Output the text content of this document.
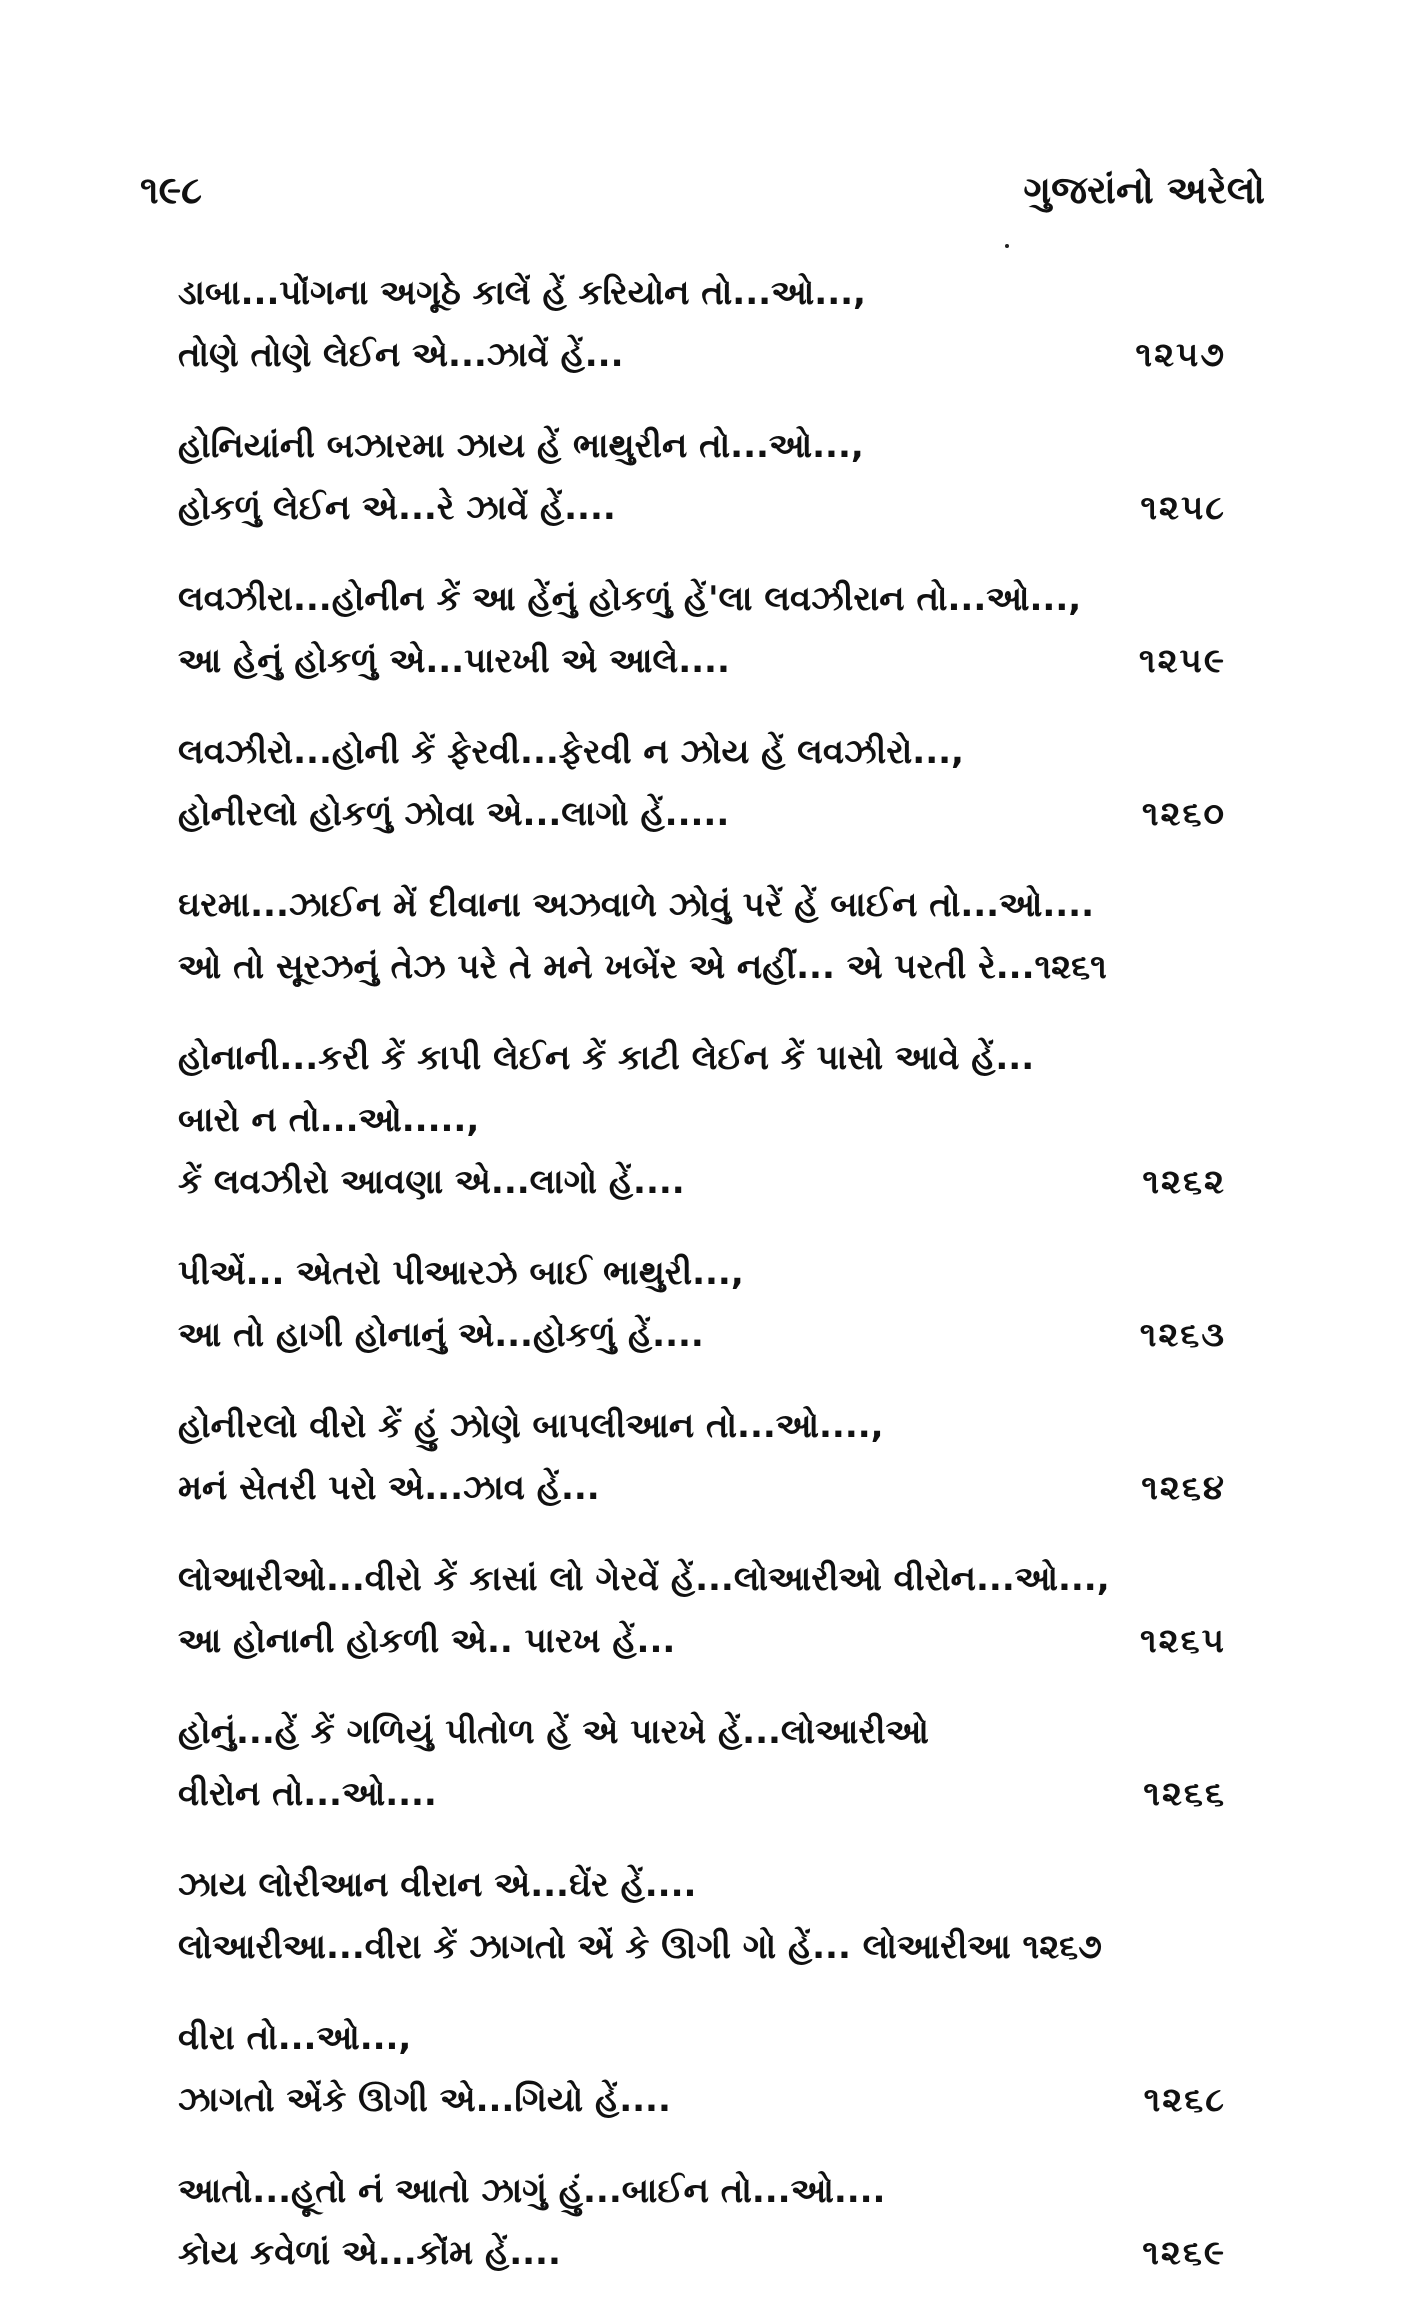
૧૯૮	ગુજરાંનો અરેલો
ડાબા...પોંગના અગૂઠે કાલેં હેં કરિયોન તો...ઓ...,
તોણે તોણે લેઈન એ...ઝાવેં હેં...	૧૨૫૭
હોનિયાંની બઝારમા ઝાય હેં ભાથુરીન તો...ઓ...,
હોકળું લેઈન એ...રે ઝાવેં હેં....	૧૨૫૮
લવઝીરા...હોનીન કેં આ હેંનું હોકળું હેં'લા લવઝીરાન તો...ઓ...,
આ હેનું હોકળું એ...પારખી એ આલે....	૧૨૫૯
લવઝીરો...હોની કેં ફેરવી...ફેરવી ન ઝોય હેં લવઝીરો...,
હોનીરલો હોકળું ઝોવા એ...લાગો હેં.....	૧૨૬૦
ઘરમા...ઝાઈન મેં દીવાના અઝવાળે ઝોવું પરેં હેં બાઈન તો...ઓ....
ઓ તો સૂરઝનું તેઝ પરે તે મને ખબેંર એ નહીં... એ પરતી રે...૧૨૬૧
હોનાની...કરી કેં કાપી લેઈન કેં કાટી લેઈન કેં પાસો આવે હેં...
બારો ન તો...ઓ.....,
કેં લવઝીરો આવણા એ...લાગો હેં....	૧૨૬૨
પીએં... એતરો પીઆરઝે બાઈ ભાથુરી...,
આ તો હાગી હોનાનું એ...હોકળું હેં....	૧૨૬૩
હોનીરલો વીરો કેં હું ઝોણે બાપલીઆન તો...ઓ....,
મનં સેતરી પરો એ...ઝાવ હેં...	૧૨૬૪
લોઆરીઓ...વીરો કેં કાસાં લો ગેરવેં હેં...લોઆરીઓ વીરોન...ઓ...,
આ હોનાની હોકળી એ.. પારખ હેં...	૧૨૬૫
હોનું...હેં કેં ગળિયું પીતોળ હેં એ પારખે હેં...લોઆરીઓ
વીરોન તો...ઓ....	૧૨૬૬
ઝાય લોરીઆન વીરાન એ...ઘેંર હેં....
લોઆરીઆ...વીરા કેં ઝાગતો એં કે ઊગી ગો હેં... લોઆરીઆ ૧૨૬૭
વીરા તો...ઓ...,
ઝાગતો એંકે ઊગી એ...ગિયો હેં....	૧૨૬૮
આતો...હૂતો નં આતો ઝાગું હું...બાઈન તો...ઓ....
કોય કવેળાં એ...કોંમ હેં....	૧૨૬૯
